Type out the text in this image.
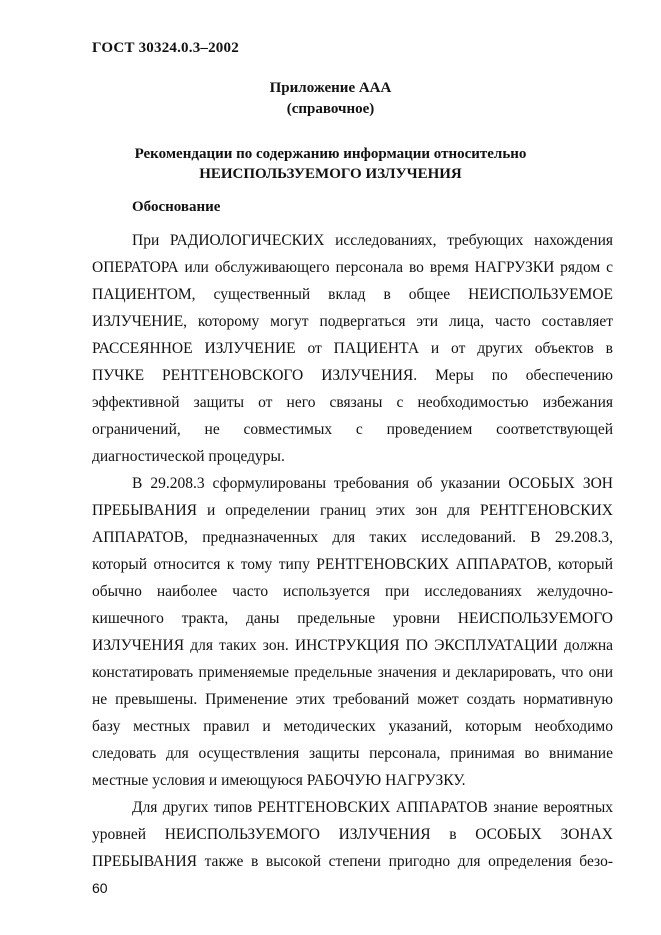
ГОСТ 30324.0.3–2002
Приложение ААА
(справочное)
Рекомендации по содержанию информации относительно
НЕИСПОЛЬЗУЕМОГО ИЗЛУЧЕНИЯ
Обоснование
При РАДИОЛОГИЧЕСКИХ исследованиях, требующих нахождения
ОПЕРАТОРА или обслуживающего персонала во время НАГРУЗКИ рядом с
ПАЦИЕНТОМ, существенный вклад в общее НЕИСПОЛЬЗУЕМОЕ
ИЗЛУЧЕНИЕ, которому могут подвергаться эти лица, часто составляет
РАССЕЯННОЕ ИЗЛУЧЕНИЕ от ПАЦИЕНТА и от других объектов в
ПУЧКЕ РЕНТГЕНОВСКОГО ИЗЛУЧЕНИЯ. Меры по обеспечению
эффективной защиты от него связаны с необходимостью избежания
ограничений, не совместимых с проведением соответствующей
диагностической процедуры.
В 29.208.3 сформулированы требования об указании ОСОБЫХ ЗОН
ПРЕБЫВАНИЯ и определении границ этих зон для РЕНТГЕНОВСКИХ
АППАРАТОВ, предназначенных для таких исследований. В 29.208.3,
который относится к тому типу РЕНТГЕНОВСКИХ АППАРАТОВ, который
обычно наиболее часто используется при исследованиях желудочно-
кишечного тракта, даны предельные уровни НЕИСПОЛЬЗУЕМОГО
ИЗЛУЧЕНИЯ для таких зон. ИНСТРУКЦИЯ ПО ЭКСПЛУАТАЦИИ должна
констатировать применяемые предельные значения и декларировать, что они
не превышены. Применение этих требований может создать нормативную
базу местных правил и методических указаний, которым необходимо
следовать для осуществления защиты персонала, принимая во внимание
местные условия и имеющуюся РАБОЧУЮ НАГРУЗКУ.
Для других типов РЕНТГЕНОВСКИХ АППАРАТОВ знание вероятных
уровней НЕИСПОЛЬЗУЕМОГО ИЗЛУЧЕНИЯ в ОСОБЫХ ЗОНАХ
ПРЕБЫВАНИЯ также в высокой степени пригодно для определения безо-
60
